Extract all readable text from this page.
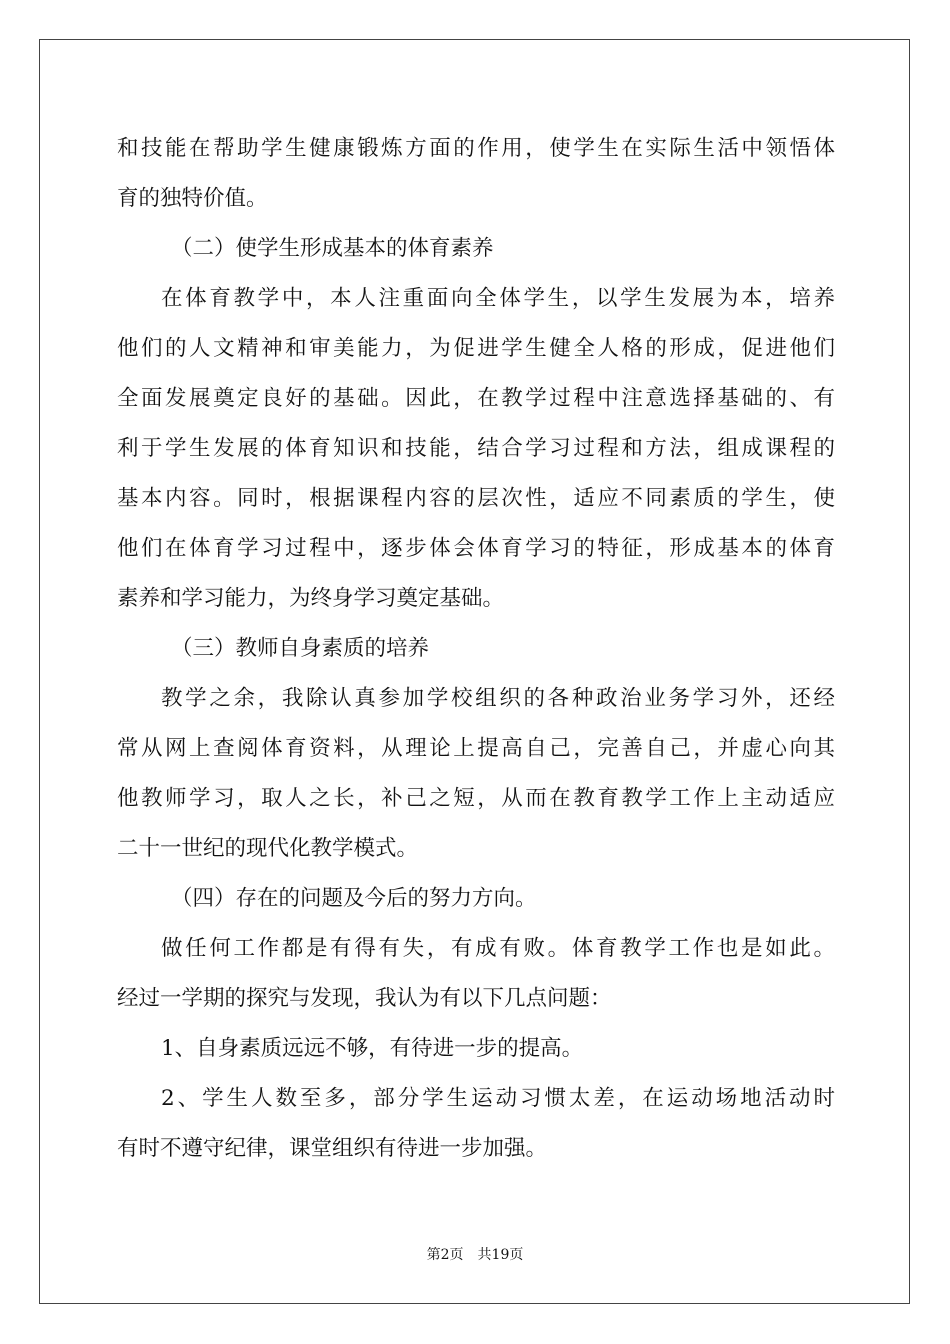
和技能在帮助学生健康锻炼方面的作用，使学生在实际生活中领悟体
育的独特价值。
（二）使学生形成基本的体育素养
在体育教学中，本人注重面向全体学生，以学生发展为本，培养
他们的人文精神和审美能力，为促进学生健全人格的形成，促进他们
全面发展奠定良好的基础。因此，在教学过程中注意选择基础的、有
利于学生发展的体育知识和技能，结合学习过程和方法，组成课程的
基本内容。同时，根据课程内容的层次性，适应不同素质的学生，使
他们在体育学习过程中，逐步体会体育学习的特征，形成基本的体育
素养和学习能力，为终身学习奠定基础。
（三）教师自身素质的培养
教学之余，我除认真参加学校组织的各种政治业务学习外，还经
常从网上查阅体育资料，从理论上提高自己，完善自己，并虚心向其
他教师学习，取人之长，补己之短，从而在教育教学工作上主动适应
二十一世纪的现代化教学模式。
（四）存在的问题及今后的努力方向。
做任何工作都是有得有失，有成有败。体育教学工作也是如此。
经过一学期的探究与发现，我认为有以下几点问题：
1、自身素质远远不够，有待进一步的提高。
2、学生人数至多，部分学生运动习惯太差，在运动场地活动时
有时不遵守纪律，课堂组织有待进一步加强。
第2页 共19页
